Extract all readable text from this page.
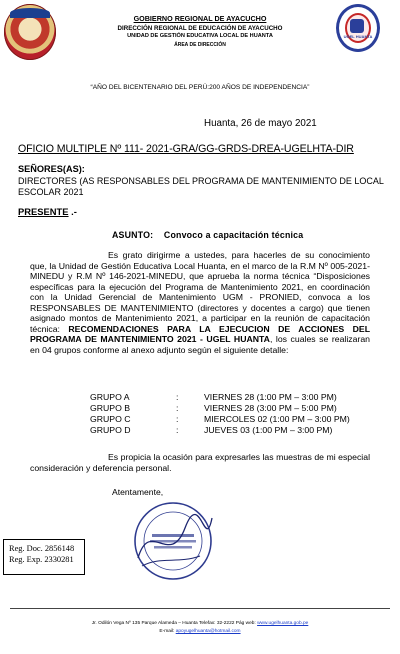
UGEL HUANTA
GOBIERNO REGIONAL DE AYACUCHO
DIRECCIÓN REGIONAL DE EDUCACIÓN DE AYACUCHO
UNIDAD DE GESTIÓN EDUCATIVA LOCAL DE HUANTA
ÁREA DE DIRECCIÓN
“AÑO DEL BICENTENARIO DEL PERÚ:200 AÑOS DE INDEPENDENCIA”
Huanta, 26 de mayo 2021
OFICIO MULTIPLE Nº 111- 2021-GRA/GG-GRDS-DREA-UGELHTA-DIR
SEÑORES(AS):
DIRECTORES (AS RESPONSABLES DEL PROGRAMA DE MANTENIMIENTO DE LOCAL ESCOLAR 2021
PRESENTE .-
ASUNTO:    Convoco a capacitación técnica
Es grato dirigirme a ustedes, para hacerles de su conocimiento que, la Unidad de Gestión Educativa Local Huanta, en el marco de la R.M Nº 005-2021-MINEDU y R.M Nº 146-2021-MINEDU, que aprueba la norma técnica “Disposiciones específicas para la ejecución del Programa de Mantenimiento 2021, en coordinación con la Unidad Gerencial de Mantenimiento UGM - PRONIED, convoca a los RESPONSABLES DE MANTENIMIENTO (directores y docentes a cargo) que tienen asignado montos de Mantenimiento 2021, a participar en la reunión de capacitación técnica: RECOMENDACIONES PARA LA EJECUCION DE ACCIONES DEL PROGRAMA DE MANTENIMIENTO 2021 - UGEL HUANTA, los cuales se realizaran en 04 grupos conforme al anexo adjunto según el siguiente detalle:
GRUPO A	:	VIERNES 28 (1:00 PM – 3:00 PM)
GRUPO B	:	VIERNES 28 (3:00 PM – 5:00 PM)
GRUPO C	:	MIERCOLES 02 (1:00 PM – 3:00 PM)
GRUPO D	:	JUEVES 03 (1:00 PM – 3:00 PM)
Es propicia la ocasión para expresarles las muestras de mi especial consideración y deferencia personal.
Atentamente,
Reg. Doc. 2856148
Reg. Exp. 2330281
Jr. Odilón Vega Nº 135 Parque Alameda – Huanta Telefax: 32-2222 Pág web: www.ugelhuanta.gob.pe
E-mail: apoyugelhuanta@hotmail.com
